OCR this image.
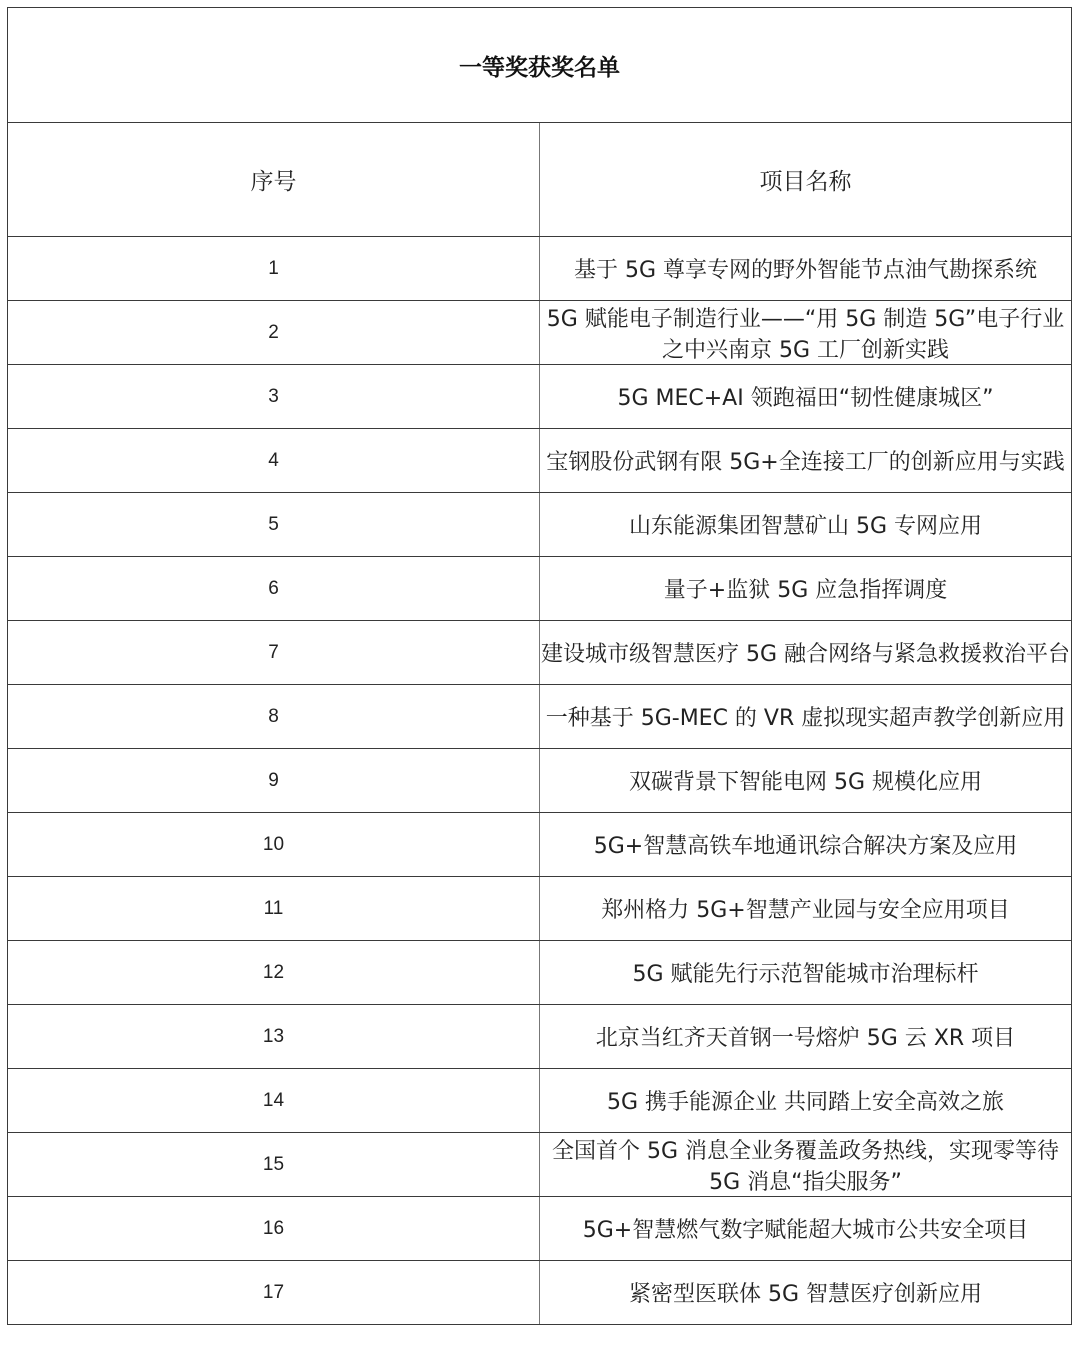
一等奖获奖名单	
序号	项目名称
1	基于 5G 尊享专网的野外智能节点油气勘探系统
2	5G 赋能电子制造行业——“用 5G 制造 5G”电子行业之中兴南京 5G 工厂创新实践
3	5G MEC+AI 领跑福田“韧性健康城区”
4	宝钢股份武钢有限 5G+全连接工厂的创新应用与实践
5	山东能源集团智慧矿山 5G 专网应用
6	量子+监狱 5G 应急指挥调度
7	建设城市级智慧医疗 5G 融合网络与紧急救援救治平台
8	一种基于 5G-MEC 的 VR 虚拟现实超声教学创新应用
9	双碳背景下智能电网 5G 规模化应用
10	5G+智慧高铁车地通讯综合解决方案及应用
11	郑州格力 5G+智慧产业园与安全应用项目
12	5G 赋能先行示范智能城市治理标杆
13	北京当红齐天首钢一号熔炉 5G 云 XR 项目
14	5G 携手能源企业 共同踏上安全高效之旅
15	全国首个 5G 消息全业务覆盖政务热线，实现零等待 5G 消息“指尖服务”
16	5G+智慧燃气数字赋能超大城市公共安全项目
17	紧密型医联体 5G 智慧医疗创新应用
